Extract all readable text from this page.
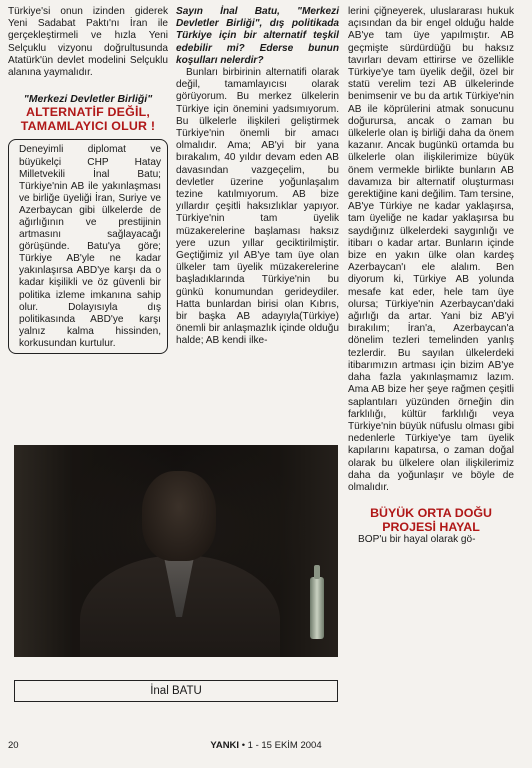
Türkiye'si onun izinden giderek Yeni Sadabat Paktı'nı İran ile gerçekleştirmeli ve hızla Yeni Selçuklu vizyonu doğrultusunda Atatürk'ün devlet modelini Selçuklu alanına yaymalıdır.

"Merkezi Devletler Birliği"
ALTERNATİF DEĞİL, TAMAMLAYICI OLUR !
Deneyimli diplomat ve büyükelçi CHP Hatay Milletvekili İnal Batu; Türkiye'nin AB ile yakınlaşması ve birliğe üyeliği İran, Suriye ve Azerbaycan gibi ülkelerde de ağırlığının ve prestijinin artmasını sağlayacağı görüşünde. Batu'ya göre; Türkiye AB'yle ne kadar yakınlaşırsa ABD'ye karşı da o kadar kişilikli ve öz güvenli bir politika izleme imkanına sahip olur. Dolayısıyla dış politikasında ABD'ye karşı yalnız kalma hissinden, korkusundan kurtulur.

Sayın İnal Batu, "Merkezi Devletler Birliği", dış politikada Türkiye için bir alternatif teşkil edebilir mi? Ederse bunun koşulları nelerdir?

Bunları birbirinin alternatifi olarak değil, tamamlayıcısı olarak görüyorum. Bu merkez ülkelerin Türkiye için önemini yadsımıyorum. Bu ülkelerle ilişkileri geliştirmek Türkiye'nin önemli bir amacı olmalıdır. Ama; AB'yi bir yana bırakalım, 40 yıldır devam eden AB davasından vazgeçelim, bu devletler üzerine yoğunlaşalım tezine katılmıyorum. AB bize yıllardır çeşitli haksızlıklar yapıyor. Türkiye'nin tam üyelik müzakerelerine başlaması haksız yere uzun yıllar geciktirilmiştir. Geçtiğimiz yıl AB'ye tam üye olan ülkeler tam üyelik müzakerelerine başladıklarında Türkiye'nin bu günkü konumundan gerideydiler. Hatta bunlardan birisi olan Kıbrıs, bir başka AB adayıyla(Türkiye) önemli bir anlaşmazlık içinde olduğu halde; AB kendi ilke-

lerini çiğneyerek, uluslararası hukuk açısından da bir engel olduğu halde AB'ye tam üye yapılmıştır. AB geçmişte sürdürdüğü bu haksız tavırları devam ettirirse ve özellikle Türkiye'ye tam üyelik değil, özel bir statü verelim tezi AB ülkelerinde benimsenir ve bu da artık Türkiye'nin AB ile köprülerini atmak sonucunu doğurursa, ancak o zaman bu ülkelerle olan iş birliği daha da önem kazanır. Ancak bugünkü ortamda bu ülkelerle olan ilişkilerimize büyük önem vermekle birlikte bunların AB davamıza bir alternatif oluşturması gerektiğine kani değilim. Tam tersine, AB'ye Türkiye ne kadar yaklaşırsa, tam üyeliğe ne kadar yaklaşırsa bu saydığınız ülkelerdeki saygınlığı ve itibarı o kadar artar. Bunların içinde bize en yakın ülke olan kardeş Azerbaycan'ı ele alalım. Ben diyorum ki, Türkiye AB yolunda mesafe kat eder, hele tam üye olursa; Türkiye'nin Azerbaycan'daki ağırlığı da artar. Yani biz AB'yi bırakılım; İran'a, Azerbaycan'a dönelim tezleri temelinden yanlış tezlerdir. Bu sayılan ülkelerdeki itibarımızın artması için bizim AB'ye daha fazla yakınlaşmamız lazım. Ama AB bize her şeye rağmen çeşitli saplantıları yüzünden örneğin din farklılığı, kültür farklılığı veya Türkiye'nin büyük nüfuslu olması gibi nedenlerle Türkiye'ye tam üyelik kapılarını kapatırsa, o zaman doğal olarak bu ülkelere olan ilişkilerimiz daha da yoğunlaşır ve böyle de olmalıdır.

BÜYÜK ORTA DOĞU PROJESİ HAYAL

BOP'u bir hayal olarak gö-

İnal BATU
20	YANKI • 1 - 15 EKİM 2004
